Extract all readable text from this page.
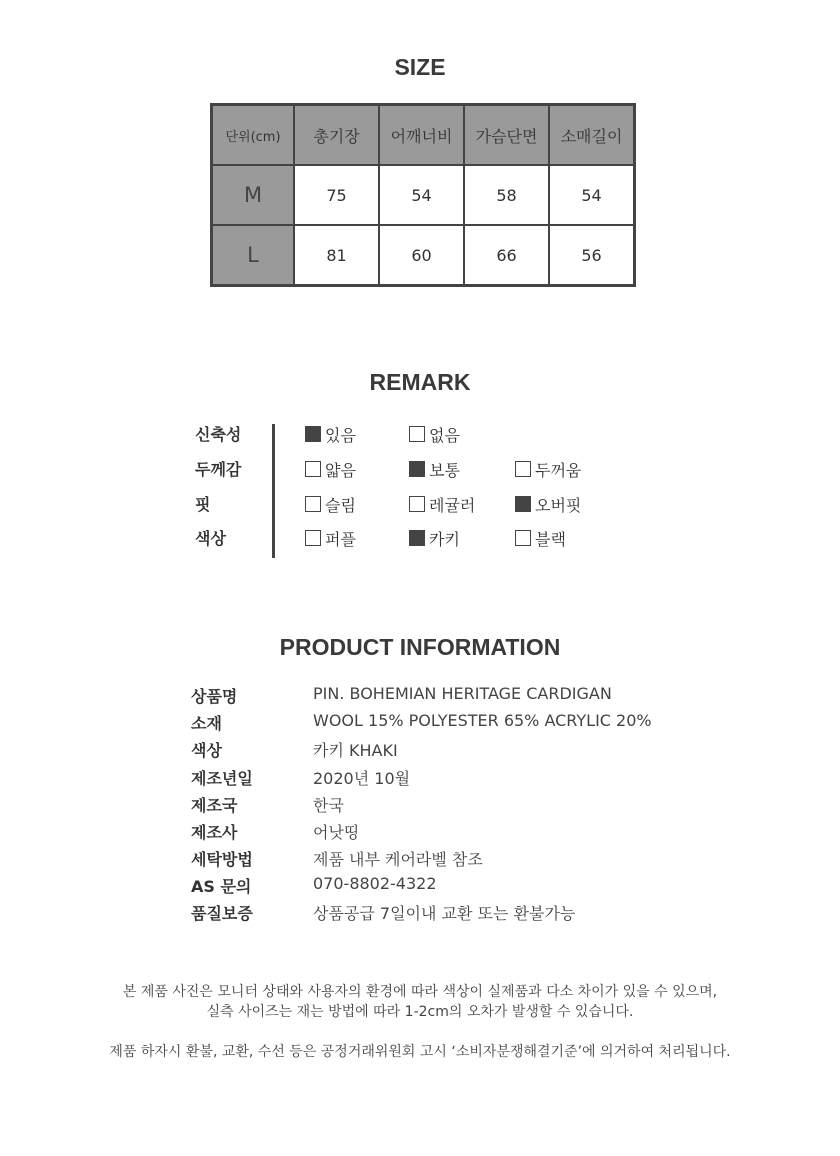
SIZE
단위(cm)	총기장	어깨너비	가슴단면	소매길이
M	75	54	58	54
L	81	60	66	56
REMARK
신축성	있음	없음
두께감	얇음	보통	두꺼움
핏	슬림	레귤러	오버핏
색상	퍼플	카키	블랙
PRODUCT INFORMATION
상품명	PIN. BOHEMIAN HERITAGE CARDIGAN
소재	WOOL 15% POLYESTER 65% ACRYLIC 20%
색상	카키 KHAKI
제조년일	2020년 10월
제조국	한국
제조사	어낫띵
세탁방법	제품 내부 케어라벨 참조
AS 문의	070-8802-4322
품질보증	상품공급 7일이내 교환 또는 환불가능
본 제품 사진은 모니터 상태와 사용자의 환경에 따라 색상이 실제품과 다소 차이가 있을 수 있으며,
실측 사이즈는 재는 방법에 따라 1-2cm의 오차가 발생할 수 있습니다.
제품 하자시 환불, 교환, 수선 등은 공정거래위원회 고시 ‘소비자분쟁해결기준’에 의거하여 처리됩니다.
